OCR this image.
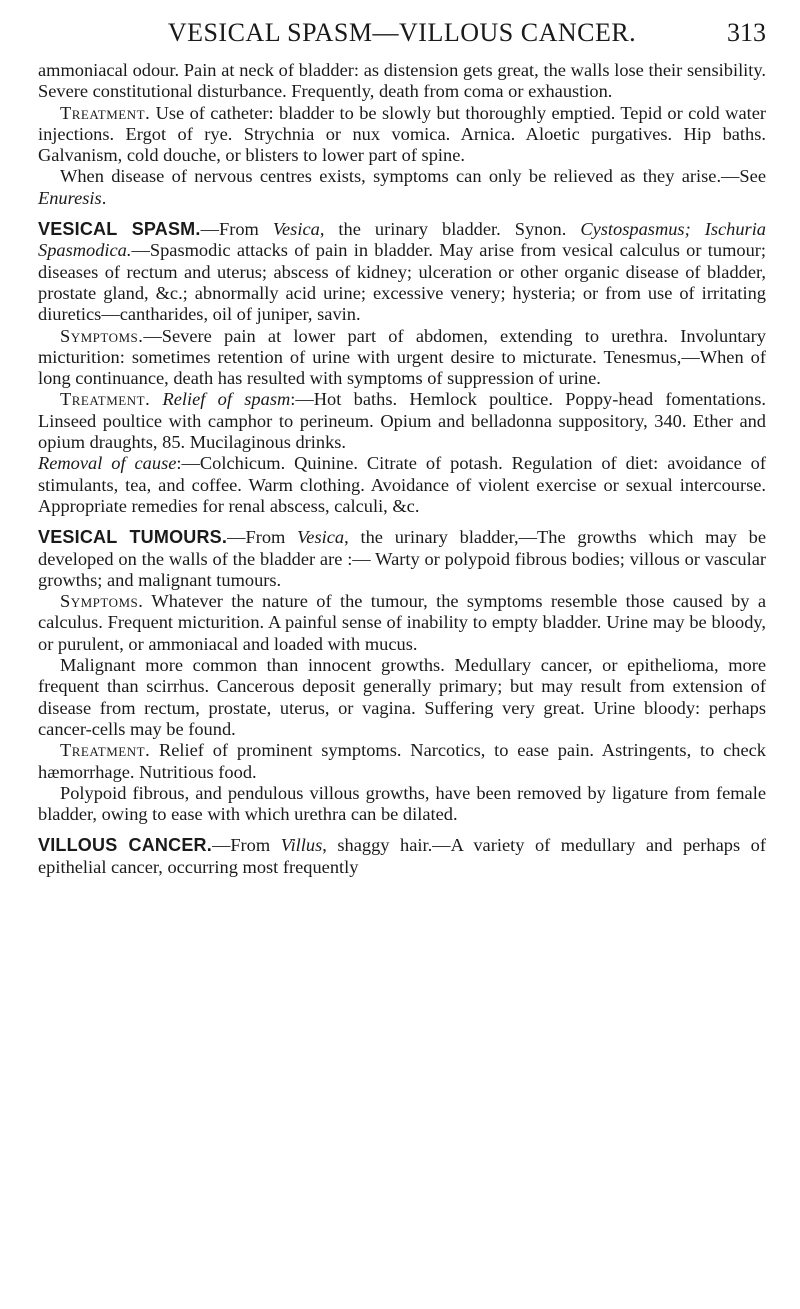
VESICAL SPASM—VILLOUS CANCER.	313

ammoniacal odour. Pain at neck of bladder: as distension gets great, the walls lose their sensibility. Severe constitutional disturbance. Frequently, death from coma or exhaustion.

Treatment. Use of catheter: bladder to be slowly but thoroughly emptied. Tepid or cold water injections. Ergot of rye. Strychnia or nux vomica. Arnica. Aloetic purgatives. Hip baths. Galvanism, cold douche, or blisters to lower part of spine.

When disease of nervous centres exists, symptoms can only be relieved as they arise.—See Enuresis.

VESICAL SPASM.—From Vesica, the urinary bladder. Synon. Cystospasmus; Ischuria Spasmodica.—Spasmodic attacks of pain in bladder. May arise from vesical calculus or tumour; diseases of rectum and uterus; abscess of kidney; ulceration or other organic disease of bladder, prostate gland, &c.; abnormally acid urine; excessive venery; hysteria; or from use of irritating diuretics—cantharides, oil of juniper, savin.

Symptoms.—Severe pain at lower part of abdomen, extending to urethra. Involuntary micturition: sometimes retention of urine with urgent desire to micturate. Tenesmus,—When of long continuance, death has resulted with symptoms of suppression of urine.

Treatment. Relief of spasm:—Hot baths. Hemlock poultice. Poppy-head fomentations. Linseed poultice with camphor to perineum. Opium and belladonna suppository, 340. Ether and opium draughts, 85. Mucilaginous drinks.

Removal of cause:—Colchicum. Quinine. Citrate of potash. Regulation of diet: avoidance of stimulants, tea, and coffee. Warm clothing. Avoidance of violent exercise or sexual intercourse. Appropriate remedies for renal abscess, calculi, &c.

VESICAL TUMOURS.—From Vesica, the urinary bladder,—The growths which may be developed on the walls of the bladder are :— Warty or polypoid fibrous bodies; villous or vascular growths; and malignant tumours.

Symptoms. Whatever the nature of the tumour, the symptoms resemble those caused by a calculus. Frequent micturition. A painful sense of inability to empty bladder. Urine may be bloody, or purulent, or ammoniacal and loaded with mucus.

Malignant more common than innocent growths. Medullary cancer, or epithelioma, more frequent than scirrhus. Cancerous deposit generally primary; but may result from extension of disease from rectum, prostate, uterus, or vagina. Suffering very great. Urine bloody: perhaps cancer-cells may be found.

Treatment. Relief of prominent symptoms. Narcotics, to ease pain. Astringents, to check hæmorrhage. Nutritious food.

Polypoid fibrous, and pendulous villous growths, have been removed by ligature from female bladder, owing to ease with which urethra can be dilated.

VILLOUS CANCER.—From Villus, shaggy hair.—A variety of medullary and perhaps of epithelial cancer, occurring most frequently
